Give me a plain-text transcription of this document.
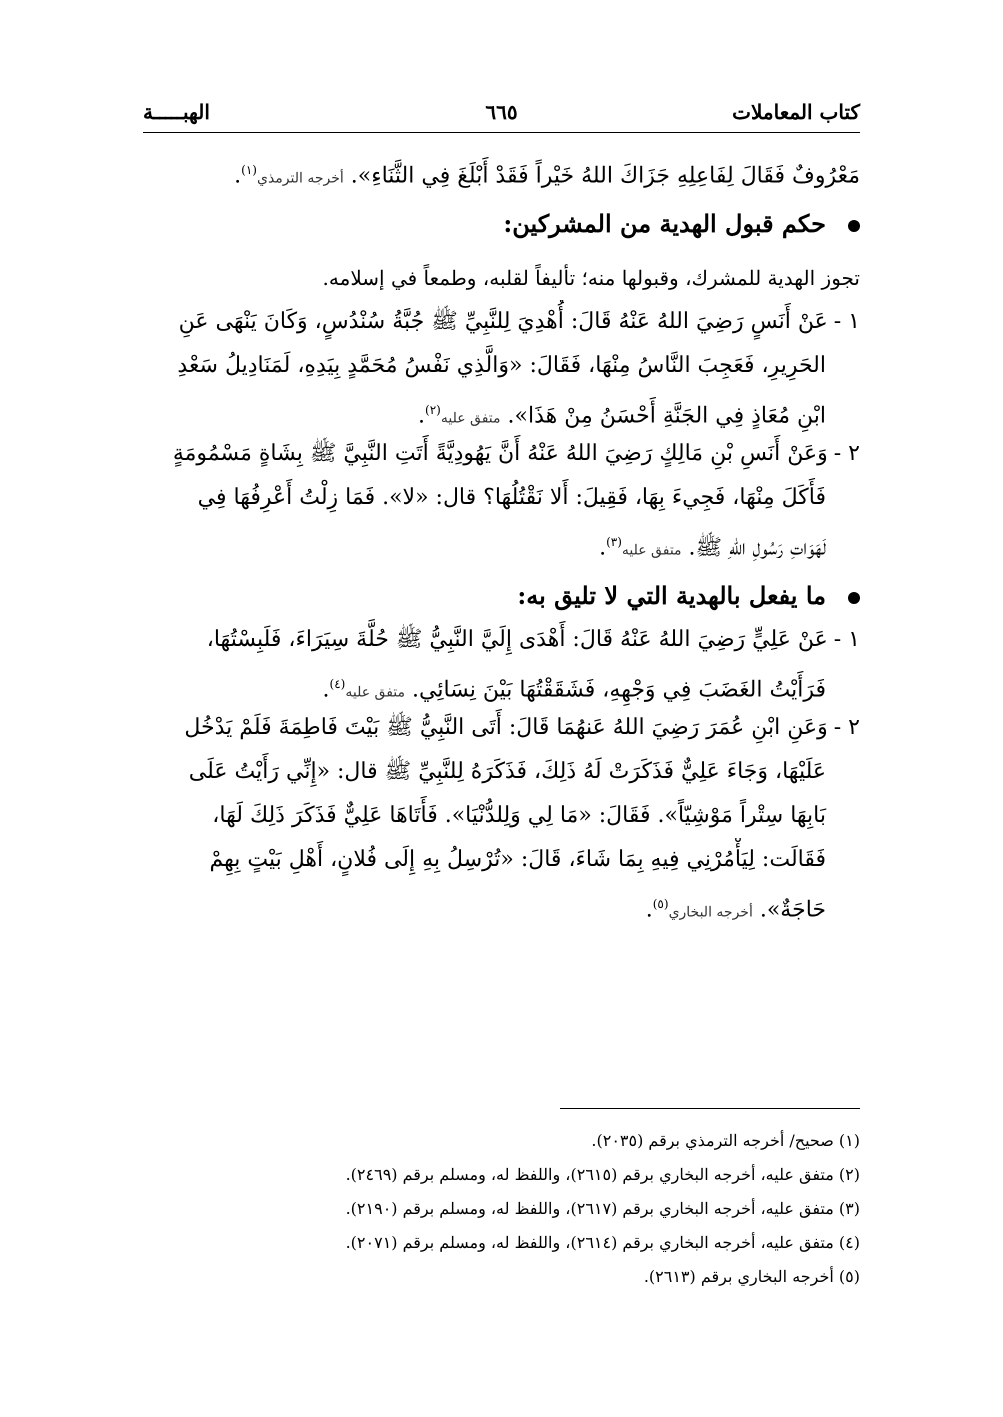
كتاب المعاملات
٦٦٥
الهبـــــة
مَعْرُوفٌ فَقَالَ لِفَاعِلِهِ جَزَاكَ اللهُ خَيْراً فَقَدْ أَبْلَغَ فِي الثَّنَاءِ». أخرجه الترمذي$^{(١)}$.
حكم قبول الهدية من المشركين:
تجوز الهدية للمشرك، وقبولها منه؛ تأليفاً لقلبه، وطمعاً في إسلامه.
١ -عَنْ أَنَسٍ رَضِيَ اللهُ عَنْهُ قَالَ: أُهْدِيَ لِلنَّبِيِّ ﷺ جُبَّةُ سُنْدُسٍ، وَكَانَ يَنْهَى عَنِ
الحَرِيرِ، فَعَجِبَ النَّاسُ مِنْهَا، فَقَالَ: «وَالَّذِي نَفْسُ مُحَمَّدٍ بِيَدِهِ، لَمَنَادِيلُ سَعْدِ
ابْنِ مُعَاذٍ فِي الجَنَّةِ أَحْسَنُ مِنْ هَذَا». متفق عليه$^{(٢)}$.
٢ -وَعَنْ أَنَسِ بْنِ مَالِكٍ رَضِيَ اللهُ عَنْهُ أَنَّ يَهُودِيَّةً أَتَتِ النَّبِيَّ ﷺ بِشَاةٍ مَسْمُومَةٍ
فَأَكَلَ مِنْهَا، فَجِيءَ بِهَا، فَقِيلَ: أَلا نَقْتُلُهَا؟ قال: «لا». فَمَا زِلْتُ أَعْرِفُهَا فِي
لَهَوَاتِ رَسُولِ اللهِ ﷺ. متفق عليه$^{(٣)}$.
ما يفعل بالهدية التي لا تليق به:
١ -عَنْ عَلِيٍّ رَضِيَ اللهُ عَنْهُ قَالَ: أَهْدَى إِلَيَّ النَّبِيُّ ﷺ حُلَّةَ سِيَرَاءَ، فَلَبِسْتُهَا،
فَرَأَيْتُ الغَضَبَ فِي وَجْهِهِ، فَشَقَقْتُهَا بَيْنَ نِسَائِي. متفق عليه$^{(٤)}$.
٢ -وَعَنِ ابْنِ عُمَرَ رَضِيَ اللهُ عَنهُمَا قَالَ: أَتَى النَّبِيُّ ﷺ بَيْتَ فَاطِمَةَ فَلَمْ يَدْخُل
عَلَيْهَا، وَجَاءَ عَلِيٌّ فَذَكَرَتْ لَهُ ذَلِكَ، فَذَكَرَهُ لِلنَّبِيِّ ﷺ قال: «إِنِّي رَأَيْتُ عَلَى
بَابِهَا سِتْراً مَوْشِيّاً». فَقَالَ: «مَا لِي وَلِلدُّنْيَا». فَأَتَاهَا عَلِيٌّ فَذَكَرَ ذَلِكَ لَهَا،
فَقَالَت: لِيَأْمُرْنِي فِيهِ بِمَا شَاءَ، قَالَ: «تُرْسِلُ بِهِ إِلَى فُلانٍ، أَهْلِ بَيْتٍ بِهِمْ
حَاجَةٌ». أخرجه البخاري$^{(٥)}$.
(١) صحيح/ أخرجه الترمذي برقم (٢٠٣٥).
(٢) متفق عليه، أخرجه البخاري برقم (٢٦١٥)، واللفظ له، ومسلم برقم (٢٤٦٩).
(٣) متفق عليه، أخرجه البخاري برقم (٢٦١٧)، واللفظ له، ومسلم برقم (٢١٩٠).
(٤) متفق عليه، أخرجه البخاري برقم (٢٦١٤)، واللفظ له، ومسلم برقم (٢٠٧١).
(٥) أخرجه البخاري برقم (٢٦١٣).
